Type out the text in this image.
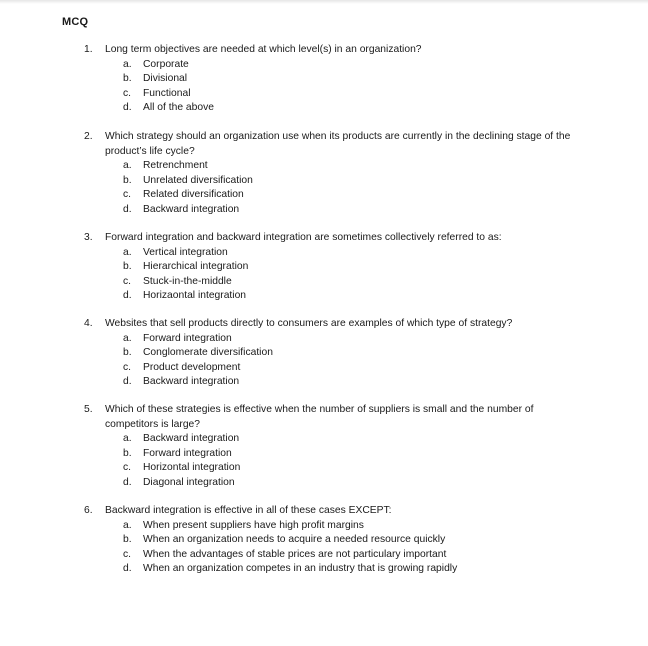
MCQ
1.	Long term objectives are needed at which level(s) in an organization?
a.	Corporate
b.	Divisional
c.	Functional
d.	All of the above
2.	Which strategy should an organization use when its products are currently in the declining stage of the product’s life cycle?
a.	Retrenchment
b.	Unrelated diversification
c.	Related diversification
d.	Backward integration
3.	Forward integration and backward integration are sometimes collectively referred to as:
a.	Vertical integration
b.	Hierarchical integration
c.	Stuck-in-the-middle
d.	Horizaontal integration
4.	Websites that sell products directly to consumers are examples of which type of strategy?
a.	Forward integration
b.	Conglomerate diversification
c.	Product development
d.	Backward integration
5.	Which of these strategies is effective when the number of suppliers is small and the number of competitors is large?
a.	Backward integration
b.	Forward integration
c.	Horizontal integration
d.	Diagonal integration
6.	Backward integration is effective in all of these cases EXCEPT:
a.	When present suppliers have high profit margins
b.	When an organization needs to acquire a needed resource quickly
c.	When the advantages of stable prices are not particulary important
d.	When an organization competes in an industry that is growing rapidly
